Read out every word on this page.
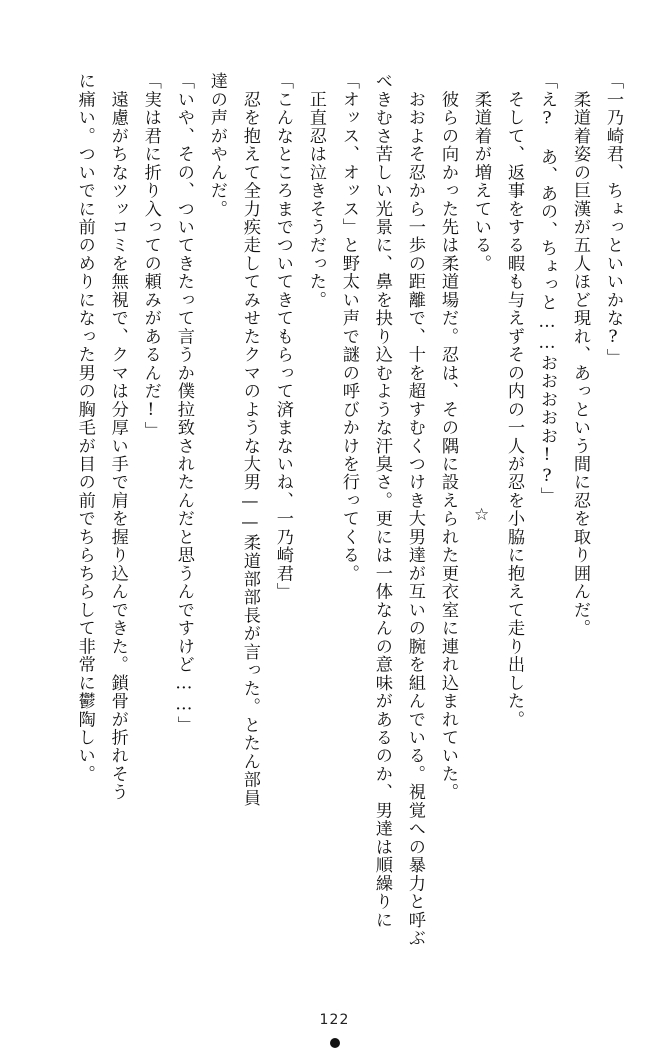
「一乃崎君、ちょっといいかな?」

　柔道着姿の巨漢が五人ほど現れ、あっという間に忍を取り囲んだ。

「え?　あ、あの、ちょっと……おおおおお!?」

　そして、返事をする暇も与えずその内の一人が忍を小脇に抱えて走り出した。

　柔道着が増えている。

　彼らの向かった先は柔道場だ。忍は、その隅に設えられた更衣室に連れ込まれていた。

　おおよそ忍から一歩の距離で、十を超すむくつけき大男達が互いの腕を組んでいる。視覚への暴力と呼ぶべきむさ苦しい光景に、鼻を抉り込むような汗臭さ。更には一体なんの意味があるのか、男達は順繰りに「オッス、オッス」と野太い声で謎の呼びかけを行ってくる。

　正直忍は泣きそうだった。

「こんなところまでついてきてもらって済まないね、一乃崎君」

　忍を抱えて全力疾走してみせたクマのような大男——柔道部部長が言った。とたん部員

達の声がやんだ。

「いや、その、ついてきたって言うか僕拉致されたんだと思うんですけど……」

「実は君に折り入っての頼みがあるんだ!」

　遠慮がちなツッコミを無視で、クマは分厚い手で肩を握り込んできた。鎖骨が折れそう

に痛い。ついでに前のめりになった男の胸毛が目の前でちらちらして非常に鬱陶しい。	☆
122
